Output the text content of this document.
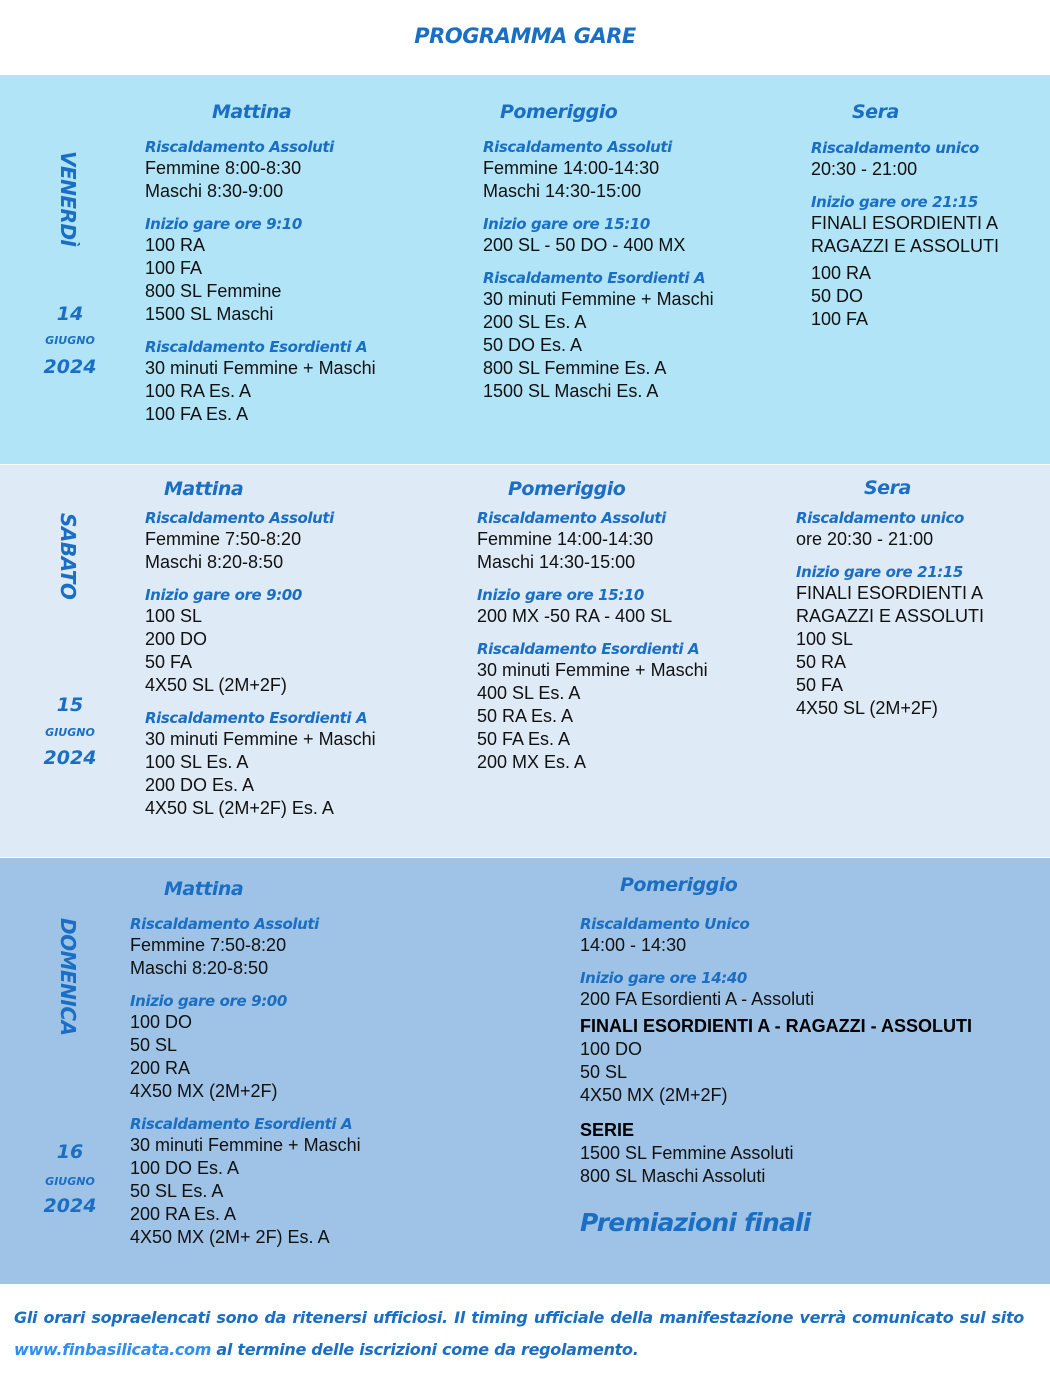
PROGRAMMA GARE
VENERDÌ
14
GIUGNO
2024
Mattina
Riscaldamento Assoluti
Femmine 8:00-8:30
Maschi 8:30-9:00
Inizio gare ore 9:10
100 RA
100 FA
800 SL Femmine
1500 SL Maschi
Riscaldamento Esordienti A
30 minuti Femmine + Maschi
100 RA Es. A
100 FA Es. A
Pomeriggio
Riscaldamento Assoluti
Femmine 14:00-14:30
Maschi 14:30-15:00
Inizio gare ore 15:10
200 SL - 50 DO - 400 MX
Riscaldamento Esordienti A
30 minuti Femmine + Maschi
200 SL Es. A
50 DO Es. A
800 SL Femmine Es. A
1500 SL Maschi Es. A
Sera
Riscaldamento unico
20:30 - 21:00
Inizio gare ore 21:15
FINALI ESORDIENTI A
RAGAZZI E ASSOLUTI
100 RA
50 DO
100 FA
SABATO
15
GIUGNO
2024
Mattina
Riscaldamento Assoluti
Femmine 7:50-8:20
Maschi 8:20-8:50
Inizio gare ore 9:00
100 SL
200 DO
50 FA
4X50 SL (2M+2F)
Riscaldamento Esordienti A
30 minuti Femmine + Maschi
100 SL Es. A
200 DO Es. A
4X50 SL (2M+2F) Es. A
Pomeriggio
Riscaldamento Assoluti
Femmine 14:00-14:30
Maschi 14:30-15:00
Inizio gare ore 15:10
200 MX -50 RA - 400 SL
Riscaldamento Esordienti A
30 minuti Femmine + Maschi
400 SL Es. A
50 RA Es. A
50 FA Es. A
200 MX Es. A
Sera
Riscaldamento unico
ore 20:30 - 21:00
Inizio gare ore 21:15
FINALI ESORDIENTI A
RAGAZZI E ASSOLUTI
100 SL
50 RA
50 FA
4X50 SL (2M+2F)
DOMENICA
16
GIUGNO
2024
Mattina
Riscaldamento Assoluti
Femmine 7:50-8:20
Maschi 8:20-8:50
Inizio gare ore 9:00
100 DO
50 SL
200 RA
4X50 MX (2M+2F)
Riscaldamento Esordienti A
30 minuti Femmine + Maschi
100 DO Es. A
50 SL Es. A
200 RA Es. A
4X50 MX (2M+ 2F) Es. A
Pomeriggio
Riscaldamento Unico
14:00 - 14:30
Inizio gare ore 14:40
200 FA Esordienti A - Assoluti
FINALI ESORDIENTI A - RAGAZZI - ASSOLUTI
100 DO
50 SL
4X50 MX (2M+2F)
SERIE
1500 SL Femmine Assoluti
800 SL Maschi Assoluti
Premiazioni finali
Gli orari sopraelencati sono da ritenersi ufficiosi. Il timing ufficiale della manifestazione verrà comunicato sul sito www.finbasilicata.com al termine delle iscrizioni come da regolamento.
